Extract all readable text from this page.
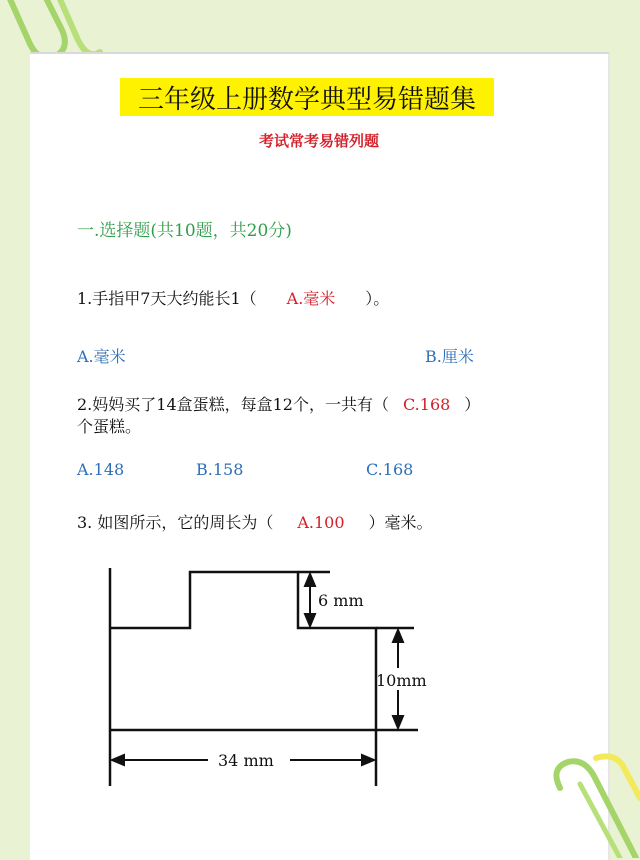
三年级上册数学典型易错题集
考试常考易错列题
一.选择题(共10题，共20分)
1.手指甲7天大约能长1（ A.毫米 ）。
A.毫米	B.厘米
2.妈妈买了14盒蛋糕，每盒12个，一共有（ C.168 ）
个蛋糕。
A.148	B.158	C.168
3. 如图所示，它的周长为（ A.100 ）毫米。
6 mm
10mm
34 mm
